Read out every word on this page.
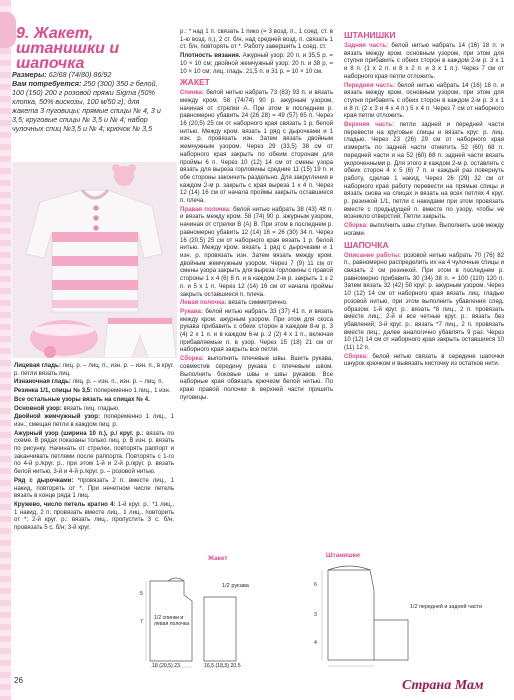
9. Жакет, штанишки и шапочка
Размеры: 62/68 (74/80) 86/92
Вам потребуется: 250 (300) 350 г белой, 100 (150) 200 г розовой пряжи Sigma (50% хлопка, 50% вискозы, 100 м/50 г); для жакета 3 пуговицы; прямые спицы № 4, 3 и 3,5; круговые спицы № 3,5 и № 4; набор чулочных спиц №3,5 и № 4; крючок № 3,5

Лицевая гладь: лиц. р. – лиц. п., изн. р. – изн. п., в круг. р. петли вязать лиц.

Изнаночная гладь: лиц. р. – изн. п., изн. р. – лиц. п.

Резинка 1/1, спицы № 3,5: попеременно 1 лиц., 1 изн.

Все остальные узоры вязать на спицах № 4.

Основной узор: вязать лиц. гладью.

Двойной жемчужный узор: попеременно 1 лиц., 1 изн., смещая петли в каждом лиц. р.

Ажурный узор (ширина 10 п.), р./ круг. р.: вязать по схеме. В рядах показаны только лиц. р. В изн. р. вязать по рисунку. Начинать от стрелки, повторять раппорт и заканчивать петлями после раппорта. Повторять с 1-го по 4-й р./круг. р., при этом 1-й и 2-й р./круг. р. вязать белой нитью, 3-й и 4-й р./круг. р. – розовой нитью.

Ряд с дырочками: *провязать 2 п. вместе лиц., 1 накид, повторять от *. При нечетном числе петель вязать в конце ряда 1 лиц.

Кружево, число петель кратно 4: 1-й круг. р.: *1 лиц., 1 накид, 2 п. провязать вместе лиц., 1 лиц., повторить от *; 2-й круг. р.: вязать лиц., пропустить 3 с. б/н, провязать 5 с. б/н; 3-й круг.

р.: * над 1 п. связать 1 пико (= 3 возд. п., 1 соед. ст. в 1-ю возд. п.), 2 ст. б/н, над средней возд. п. связать 1 ст. б/н, повторять от *. Работу завершить 1 соед. ст.

Плотность вязания. Ажурный узор: 20 п. и 35,5 р. = 10 × 10 см; двойной жемчужный узор: 20 п. и 38 р. = 10 × 10 см; лиц. гладь: 21,5 п. и 31 р. = 10 × 10 см.

ЖАКЕТ

Спинка: белой нитью набрать 73 (83) 93 п. и вязать между кром. 58 (74/74) 90 р. ажурным узором, начиная от стрелки А. При этом в последнем р. равномерно убавить 24 (26 28) = 49 (57) 65 п. Через 16 (20,5) 25 см от наборного края связать 1 р. белой нитью. Между кром. вязать 1 ряд с дырочками и 1 изн. р. провязать изн. Затем вязать двойным жемчужным узором. Через 29 (33,5) 38 см от наборного края закрыть по обеим сторонам для проймы 6 п. Через 10 (12) 14 см от смены узора вязать для выреза горловины средние 11 (15) 19 п. и обе стороны закончить раздельно. Для закругления в каждом 2-м р. закрыть с края выреза 1 х 4 п. Через 12 (14) 16 см от начала проймы закрыть оставшиеся п. плеча.

Правая полочка: белой нитью набрать 38 (43) 48 п. и вязать между кром. 58 (74) 90 р. ажурным узором, начиная от стрелки В (А) В. При этом в последнем р. равномерно убавить 12 (14) 16 = 26 (30) 34 п. Через 16 (20,5) 25 см от наборного края вязать 1 р. белой нитью. Между кром. вязать 1 ряд с дырочками и 1 изн. р. провязать изн. Затем вязать между кром. двойным жемчужным узором. Через 7 (9) 11 см от смены узора закрыть для выреза горловины с правой стороны 1 х 4 (6) 8 п. и в каждом 2-м р. закрыть 1 х 2 п. и 5 х 1 п. Через 12 (14) 16 см от начала проймы закрыть оставшиеся п. плеча.

Левая полочка: вязать симметрично.

Рукава: белой нитью набрать 33 (37) 41 п. и вязать между кром. ажурным узором. При этом для скоса рукава прибавить с обеих сторон в каждом 8-м р. 3 (4) 2 х 1 п. и в каждом 6-м р. 2 (2) 4 х 1 п., включая прибавляемые п. в узор. Через 15 (18) 21 см от наборного края закрыть все петли.

Сборка: выполнить плечевые швы. Вшить рукава, совместив середину рукава с плечевым швом. Выполнить боковые швы и швы рукавов. Все наборные края обвязать крючком белой нитью. По краю правой полочки в верхней части пришить пуговицы.

ШТАНИШКИ

Задняя часть: белой нитью набрать 14 (16) 18 п. и вязать между кром. основным узором, при этом для ступни прибавить с обеих сторон в каждом 2-м р. 3 х 1 и 8 п. (1 х 2 п. и 8 х 2 п. и 3 х 1 п.). Через 7 см от наборного края петли отложить.

Передняя часть: белой нитью набрать 14 (16) 18 п. и вязать между кром. основным узором, при этом для ступни прибавить с обеих сторон в каждом 2-м р. 3 х 1 и 8 п. (2 х 3 и 4 х 4 п.) 5 х 4 п. Через 7 см от наборного края петли отложить.

Верхняя часть: петли задней и передней части перевести на круговые спицы и вязать круг. р. лиц. гладью. Через 23 (26) 29 см от наборного края измерить по задней части отметить 52 (60) 68 п. передней части и на 52 (60) 68 п. задней части вязать укороченными р. Для этого в каждом 2-м р. оставлять с обеих сторон 4 х 5 (6) 7 п. и каждый раз повернуть работу, сделав 1 накид. Через 26 (29) 32 см от наборного края работу перевести на прямые спицы и вязать снова на спицах и вязать на всех петлях 4 круг. р. резинкой 1/1, петли с накидами при этом провязать вместе с предыдущей п. вместе по узору, чтобы не возникло отверстий. Петли закрыть.

Сборка: выполнить швы ступни. Выполнить шов между ногами.

ШАПОЧКА

Описание работы: розовой нитью набрать 70 (76) 82 п., равномерно распределить их на 4 чулочные спицы и связать 2 см резинкой. При этом в последнем р. равномерно прибавить 30 (34) 38 п. = 100 (110) 120 п. Затем вязать 32 (42) 50 круг. р. ажурным узором. Через 10 (12) 14 см от наборного края вязать лиц. гладью розовой нитью, при этом выполнить убавления след. образом: 1-й круг. р.: вязать *8 лиц., 2 п. провязать вместе лиц.; 2-й и все четные круг. р.: вязать без убавлений; 3-й круг. р.: вязать *7 лиц., 2 п. провязать вместе лиц.; далее аналогично убавлять 9 раз. Через 10 (12) 14 см от наборного края закрыть оставшиеся 10 (11) 12 п.

Сборка: белой нитью связать в середине шапочки шнурок крючком и вывязать кисточку из остатков нити.

Жакет
1/2 рукава
1/2 спинки и левая полочка
18 (20,5) 23	16,5 (18,5) 20,5
5
7
Штанишки
1/2 передней и задней части
6
3
4
26	Страна Мам
